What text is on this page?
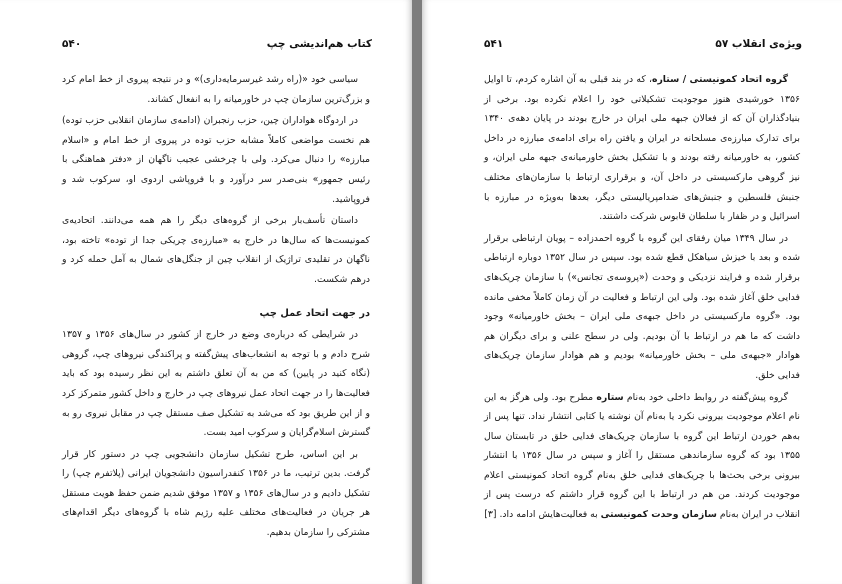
کتاب هم‌اندیشی چپ
۵۴۰

سیاسی خود «(راه رشد غیرسرمایه‌داری)» و در نتیجه پیروی از خط امام کرد و بزرگ‌ترین سازمان چپ در خاورمیانه را به انفعال کشاند.

در اردوگاه هواداران چین، حزب رنجبران (ادامه‌ی سازمان انقلابی حزب توده) هم نخست مواضعی کاملاً مشابه حزب توده در پیروی از خط امام و «اسلام مبارزه» را دنبال می‌کرد. ولی با چرخشی عجیب ناگهان از «دفتر هماهنگی با رئیس جمهور» بنی‌صدر سر درآورد و با فروپاشی اردوی او، سرکوب شد و فروپاشید.

داستان تأسف‌بار برخی از گروه‌های دیگر را هم همه می‌دانند. اتحادیه‌ی کمونیست‌ها که سال‌ها در خارج به «مبارزه‌ی چریکی جدا از توده» تاخته بود، ناگهان در تقلیدی تراژیک از انقلاب چین از جنگل‌های شمال به آمل حمله کرد و درهم شکست.

در جهت اتحاد عمل چپ

در شرایطی که درباره‌ی وضع در خارج از کشور در سال‌های ۱۳۵۶ و ۱۳۵۷ شرح دادم و با توجه به انشعاب‌های پیش‌گفته و پراکندگی نیروهای چپ، گروهی (نگاه کنید در پایین) که من به آن تعلق داشتم به این نظر رسیده بود که باید فعالیت‌ها را در جهت اتحاد عمل نیروهای چپ در خارج و داخل کشور متمرکز کرد و از این طریق بود که می‌شد به تشکیل صف مستقل چپ در مقابل نیروی رو به گسترش اسلام‌گرایان و سرکوب امید بست.

بر این اساس، طرح تشکیل سازمان دانشجویی چپ در دستور کار قرار گرفت. بدین ترتیب، ما در ۱۳۵۶ کنفدراسیون دانشجویان ایرانی (پلاتفرم چپ) را تشکیل دادیم و در سال‌های ۱۳۵۶ و ۱۳۵۷ موفق شدیم ضمن حفظ هویت مستقل هر جریان در فعالیت‌های مختلف علیه رژیم شاه با گروه‌های دیگر اقدام‌های مشترکی را سازمان بدهیم.

ویژه‌ی انقلاب ۵۷
۵۴۱

گروه اتحاد کمونیستی / ستاره، که در بند قبلی به آن اشاره کردم، تا اوایل ۱۳۵۶ خورشیدی هنوز موجودیت تشکیلاتی خود را اعلام نکرده بود. برخی از بنیادگذاران آن که از فعالان جبهه ملی ایران در خارج بودند در پایان دهه‌ی ۱۳۴۰ برای تدارک مبارزه‌ی مسلحانه در ایران و یافتن راه برای ادامه‌ی مبارزه در داخل کشور، به خاورمیانه رفته بودند و با تشکیل بخش خاورمیانه‌ی جبهه ملی ایران، و نیز گروهی مارکسیستی در داخل آن، و برقراری ارتباط با سازمان‌های مختلف جنبش فلسطین و جنبش‌های ضدامپریالیستی دیگر، بعدها به‌ویژه در مبارزه با اسرائیل و در ظفار با سلطان قابوس شرکت داشتند.

در سال ۱۳۴۹ میان رفقای این گروه با گروه احمدزاده – پویان ارتباطی برقرار شده و بعد با خیزش سیاهکل قطع شده بود. سپس در سال ۱۳۵۲ دوباره ارتباطی برقرار شده و فرایند نزدیکی و وحدت («پروسه‌ی تجانس») با سازمان چریک‌های فدایی خلق آغاز شده بود. ولی این ارتباط و فعالیت در آن زمان کاملاً مخفی مانده بود. «گروه مارکسیستی در داخل جبهه‌ی ملی ایران – بخش خاورمیانه» وجود داشت که ما هم در ارتباط با آن بودیم. ولی در سطح علنی و برای دیگران هم هوادار «جبهه‌ی ملی – بخش خاورمیانه» بودیم و هم هوادار سازمان چریک‌های فدایی خلق.

گروه پیش‌گفته در روابط داخلی خود به‌نام ستاره مطرح بود. ولی هرگز به این نام اعلام موجودیت بیرونی نکرد یا به‌نام آن نوشته یا کتابی انتشار نداد. تنها پس از به‌هم خوردن ارتباط این گروه با سازمان چریک‌های فدایی خلق در تابستان سال ۱۳۵۵ بود که گروه سازماندهی مستقل را آغاز و سپس در سال ۱۳۵۶ با انتشار بیرونی برخی بحث‌ها با چریک‌های فدایی خلق به‌نام گروه اتحاد کمونیستی اعلام موجودیت کردند. من هم در ارتباط با این گروه قرار داشتم که درست پس از انقلاب در ایران به‌نام سازمان وحدت کمونیستی به فعالیت‌هایش ادامه داد. [۳]
